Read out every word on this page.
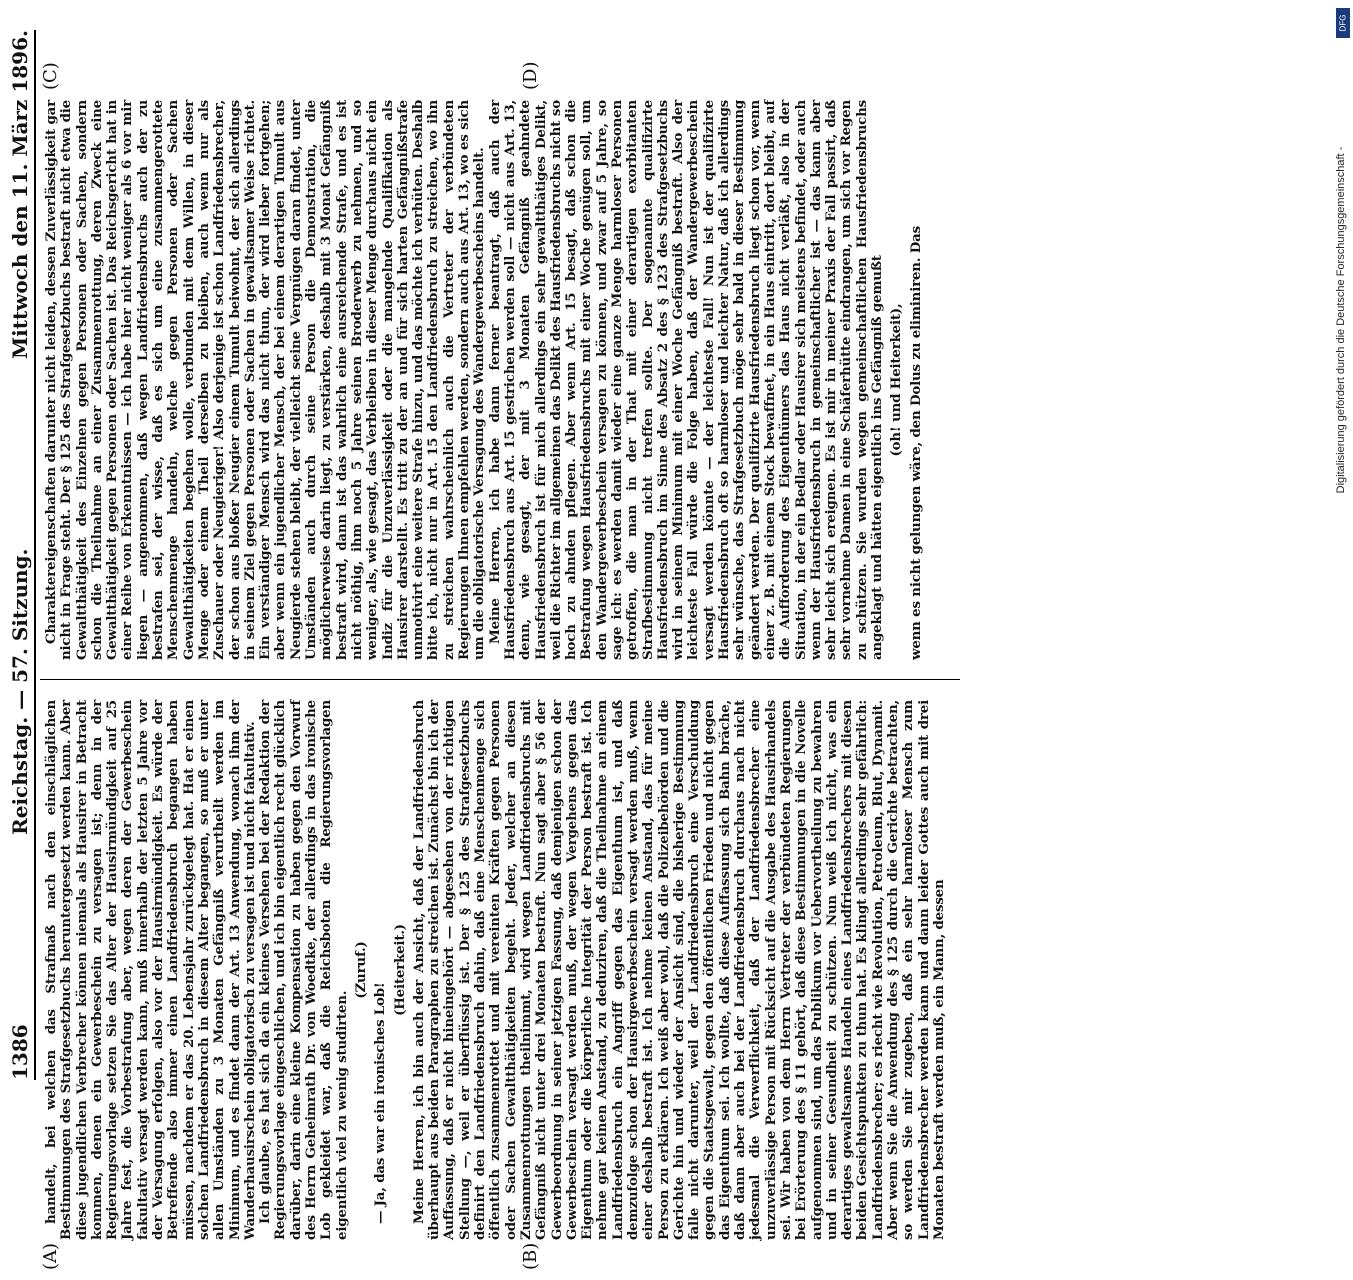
1386
Reichstag. — 57. Sitzung.
Mittwoch den 11. März 1896.
(A)	(B)
(C)	(D)

handelt, bei welchen das Strafmaß nach den einschläglichen Bestimmungen des Strafgesetzbuchs heruntergesetzt werden kann. Aber diese jugendlichen Verbrecher können niemals als Hausirer in Betracht kommen, denen ein Gewerbeschein zu versagen ist; denn in der Regierungsvorlage setzen Sie das Alter der Hausirmündigkeit auf 25 Jahre fest, die Vorbestrafung aber, wegen deren der Gewerbeschein fakultativ versagt werden kann, muß innerhalb der letzten 5 Jahre vor der Versagung erfolgen, also vor der Hausirmündigkeit. Es würde der Betreffende also immer einen Landfriedensbruch begangen haben müssen, nachdem er das 20. Lebensjahr zurückgelegt hat. Hat er einen solchen Landfriedensbruch in diesem Alter begangen, so muß er unter allen Umständen zu 3 Monaten Gefängniß verurtheilt werden im Minimum, und es findet dann der Art. 13 Anwendung, wonach ihm der Wanderhausirschein obligatorisch zu versagen ist und nicht fakultativ. Ich glaube, es hat sich da ein kleines Versehen bei der Redaktion der Regierungsvorlage eingeschlichen, und ich bin eigentlich recht glücklich darüber, darin eine kleine Kompensation zu haben gegen den Vorwurf des Herrn Geheimrath Dr. von Woedtke, der allerdings in das ironische Lob gekleidet war, daß die Reichsboten die Regierungsvorlagen eigentlich viel zu wenig studirten.

(Zuruf.)

— Ja, das war ein ironisches Lob!

(Heiterkeit.) Meine Herren, ich bin auch der Ansicht, daß der Landfriedensbruch überhaupt aus beiden Paragraphen zu streichen ist. Zunächst bin ich der Auffassung, daß er nicht hineingehört — abgesehen von der richtigen Stellung —, weil er überflüssig ist. Der § 125 des Strafgesetzbuchs definirt den Landfriedensbruch dahin, daß eine Menschenmenge sich öffentlich zusammenrottet und mit vereinten Kräften gegen Personen oder Sachen Gewaltthätigkeiten begeht. Jeder, welcher an diesen Zusammenrottungen theilnimmt, wird wegen Landfriedensbruchs mit Gefängniß nicht unter drei Monaten bestraft. Nun sagt aber § 56 der Gewerbeordnung in seiner jetzigen Fassung, daß demjenigen schon der Gewerbeschein versagt werden muß, der wegen Vergehens gegen das Eigenthum oder die körperliche Integrität der Person bestraft ist. Ich nehme gar keinen Anstand, zu deduziren, daß die Theilnahme an einem Landfriedensbruch ein Angriff gegen das Eigenthum ist, und daß demzufolge schon der Hausirgewerbeschein versagt werden muß, wenn einer deshalb bestraft ist. Ich nehme keinen Anstand, das für meine Person zu erklären. Ich weiß aber wohl, daß die Polizeibehörden und die Gerichte hin und wieder der Ansicht sind, die bisherige Bestimmung falle nicht darunter, weil der Landfriedensbruch eine Verschuldung gegen die Staatsgewalt, gegen den öffentlichen Frieden und nicht gegen das Eigenthum sei. Ich wollte, daß diese Auffassung sich Bahn bräche, daß dann aber auch bei der Landfriedensbruch durchaus nach nicht jedesmal die Verwerflichkeit, daß der Landfriedensbrecher eine unzuverlässige Person mit Rücksicht auf die Ausgabe des Hausirhandels sei. Wir haben von dem Herrn Vertreter der verbündeten Regierungen bei Erörterung des § 11 gehört, daß diese Bestimmungen in die Novelle aufgenommen sind, um das Publikum vor Uebervortheilung zu bewahren und in seiner Gesundheit zu schützen. Nun weiß ich nicht, was ein derartiges gewaltsames Handeln eines Landfriedensbrechers mit diesen beiden Gesichtspunkten zu thun hat. Es klingt allerdings sehr gefährlich: Landfriedensbrecher; es riecht wie Revolution, Petroleum, Blut, Dynamit. Aber wenn Sie die Anwendung des § 125 durch die Gerichte betrachten, so werden Sie mir zugeben, daß ein sehr harmloser Mensch zum Landfriedensbrecher werden kann und dann leider Gottes auch mit drei Monaten bestraft werden muß, ein Mann, dessen

Charaktereigenschaften darunter nicht leiden, dessen Zuverlässigkeit gar nicht in Frage steht. Der § 125 des Strafgesetzbuchs bestraft nicht etwa die Gewaltthätigkeit des Einzelnen gegen Personen oder Sachen, sondern schon die Theilnahme an einer Zusammenrottung, deren Zweck eine Gewaltthätigkeit gegen Personen oder Sachen ist. Das Reichsgericht hat in einer Reihe von Erkenntnissen — ich habe hier nicht weniger als 6 vor mir liegen — angenommen, daß wegen Landfriedensbruchs auch der zu bestrafen sei, der wisse, daß es sich um eine zusammengerottete Menschenmenge handeln, welche gegen Personen oder Sachen Gewaltthätigkeiten begehen wolle, verbunden mit dem Willen, in dieser Menge oder einem Theil derselben zu bleiben, auch wenn nur als Zuschauer oder Neugieriger! Also derjenige ist schon Landfriedensbrecher, der schon aus bloßer Neugier einem Tumult beiwohnt, der sich allerdings in seinem Ziel gegen Personen oder Sachen in gewaltsamer Weise richtet. Ein verständiger Mensch wird das nicht thun, der wird lieber fortgehen; aber wenn ein jugendlicher Mensch, der bei einem derartigen Tumult aus Neugierde stehen bleibt, der vielleicht seine Vergnügen daran findet, unter Umständen auch durch seine Person die Demonstration, die möglicherweise darin liegt, zu verstärken, deshalb mit 3 Monat Gefängniß bestraft wird, dann ist das wahrlich eine ausreichende Strafe, und es ist nicht nöthig, ihm noch 5 Jahre seinen Broderwerb zu nehmen, und so weniger, als, wie gesagt, das Verbleiben in dieser Menge durchaus nicht ein Indiz für die Unzuverlässigkeit oder die mangelnde Qualifikation als Hausirer darstellt. Es tritt zu der an und für sich harten Gefängnißstrafe unmotivirt eine weitere Strafe hinzu, und das möchte ich verhüten. Deshalb bitte ich, nicht nur in Art. 15 den Landfriedensbruch zu streichen, wo ihn zu streichen wahrscheinlich auch die Vertreter der verbündeten Regierungen Ihnen empfehlen werden, sondern auch aus Art. 13, wo es sich um die obligatorische Versagung des Wandergewerbescheins handelt. Meine Herren, ich habe dann ferner beantragt, daß auch der Hausfriedensbruch aus Art. 15 gestrichen werden soll — nicht aus Art. 13, denn, wie gesagt, der mit 3 Monaten Gefängniß geahndete Hausfriedensbruch ist für mich allerdings ein sehr gewaltthätiges Delikt, weil die Richter im allgemeinen das Delikt des Hausfriedensbruchs nicht so hoch zu ahnden pflegen. Aber wenn Art. 15 besagt, daß schon die Bestrafung wegen Hausfriedensbruchs mit einer Woche genügen soll, um den Wandergewerbeschein versagen zu können, und zwar auf 5 Jahre, so sage ich: es werden damit wieder eine ganze Menge harmloser Personen getroffen, die man in der That mit einer derartigen exorbitanten Strafbestimmung nicht treffen sollte. Der sogenannte qualifizirte Hausfriedensbruch im Sinne des Absatz 2 des § 123 des Strafgesetzbuchs wird in seinem Minimum mit einer Woche Gefängniß bestraft. Also der leichteste Fall würde die Folge haben, daß der Wandergewerbeschein versagt werden könnte — der leichteste Fall! Nun ist der qualifizirte Hausfriedensbruch oft so harmloser und leichter Natur, daß ich allerdings sehr wünsche, das Strafgesetzbuch möge sehr bald in dieser Bestimmung geändert werden. Der qualifizirte Hausfriedensbruch liegt schon vor, wenn einer z. B. mit einem Stock bewaffnet, in ein Haus eintritt, dort bleibt, auf die Aufforderung des Eigenthümers das Haus nicht verläßt, also in der Situation, in der ein Bedlar oder Hausirer sich meistens befindet, oder auch wenn der Hausfriedensbruch in gemeinschaftlicher ist — das kann aber sehr leicht sich ereignen. Es ist mir in meiner Praxis der Fall passirt, daß sehr vornehme Damen in eine Schäferhütte eindrangen, um sich vor Regen zu schützen. Sie wurden wegen gemeinschaftlichen Hausfriedensbruchs angeklagt und hätten eigentlich ins Gefängniß gemußt (oh! und Heiterkeit), wenn es nicht gelungen wäre, den Dolus zu eliminiren. Das

DFG
Digitalisierung gefördert durch die Deutsche Forschungsgemeinschaft -
